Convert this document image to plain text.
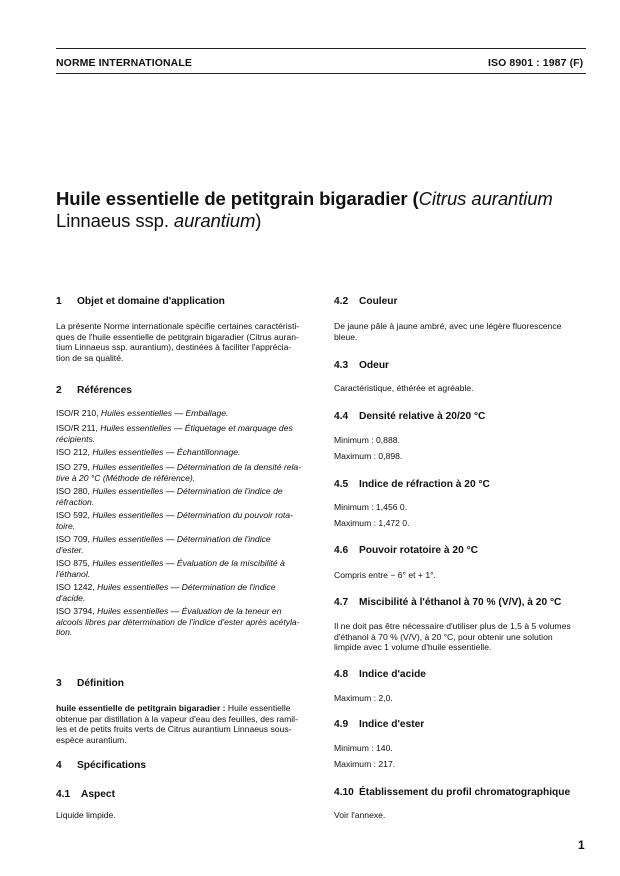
NORME INTERNATIONALE	ISO 8901 : 1987 (F)
Huile essentielle de petitgrain bigaradier (Citrus aurantium Linnaeus ssp. aurantium)
1 Objet et domaine d'application
La présente Norme internationale spécifie certaines caractéristi-
ques de l'huile essentielle de petitgrain bigaradier (Citrus auran-
tium Linnaeus ssp. aurantium), destinées à faciliter l'apprécia-
tion de sa qualité.
2 Références
ISO/R 210, Huiles essentielles — Emballage.
ISO/R 211, Huiles essentielles — Étiquetage et marquage des
récipients.
ISO 212, Huiles essentielles — Échantillonnage.
ISO 279, Huiles essentielles — Détermination de la densité rela-
tive à 20 °C (Méthode de référence).
ISO 280, Huiles essentielles — Détermination de l'indice de
réfraction.
ISO 592, Huiles essentielles — Détermination du pouvoir rota-
toire.
ISO 709, Huiles essentielles — Détermination de l'indice
d'ester.
ISO 875, Huiles essentielles — Évaluation de la miscibilité à
l'éthanol.
ISO 1242, Huiles essentielles — Détermination de l'indice
d'acide.
ISO 3794, Huiles essentielles — Évaluation de la teneur en
alcools libres par détermination de l'indice d'ester après acétyla-
tion.
3 Définition
huile essentielle de petitgrain bigaradier : Huile essentielle
obtenue par distillation à la vapeur d'eau des feuilles, des ramil-
les et de petits fruits verts de Citrus aurantium Linnaeus sous-
espèce aurantium.
4 Spécifications
4.1 Aspect
Liquide limpide.
4.2 Couleur
De jaune pâle à jaune ambré, avec une légère fluorescence
bleue.
4.3 Odeur
Caractéristique, éthérée et agréable.
4.4 Densité relative à 20/20 °C
Minimum : 0,888.
Maximum : 0,898.
4.5 Indice de réfraction à 20 °C
Minimum : 1,456 0.
Maximum : 1,472 0.
4.6 Pouvoir rotatoire à 20 °C
Compris entre − 6° et + 1°.
4.7 Miscibilité à l'éthanol à 70 % (V/V), à 20 °C
Il ne doit pas être nécessaire d'utiliser plus de 1,5 à 5 volumes
d'éthanol à 70 % (V/V), à 20 °C, pour obtenir une solution
limpide avec 1 volume d'huile essentielle.
4.8 Indice d'acide
Maximum : 2,0.
4.9 Indice d'ester
Minimum : 140.
Maximum : 217.
4.10 Établissement du profil chromatographique
Voir l'annexe.
1
